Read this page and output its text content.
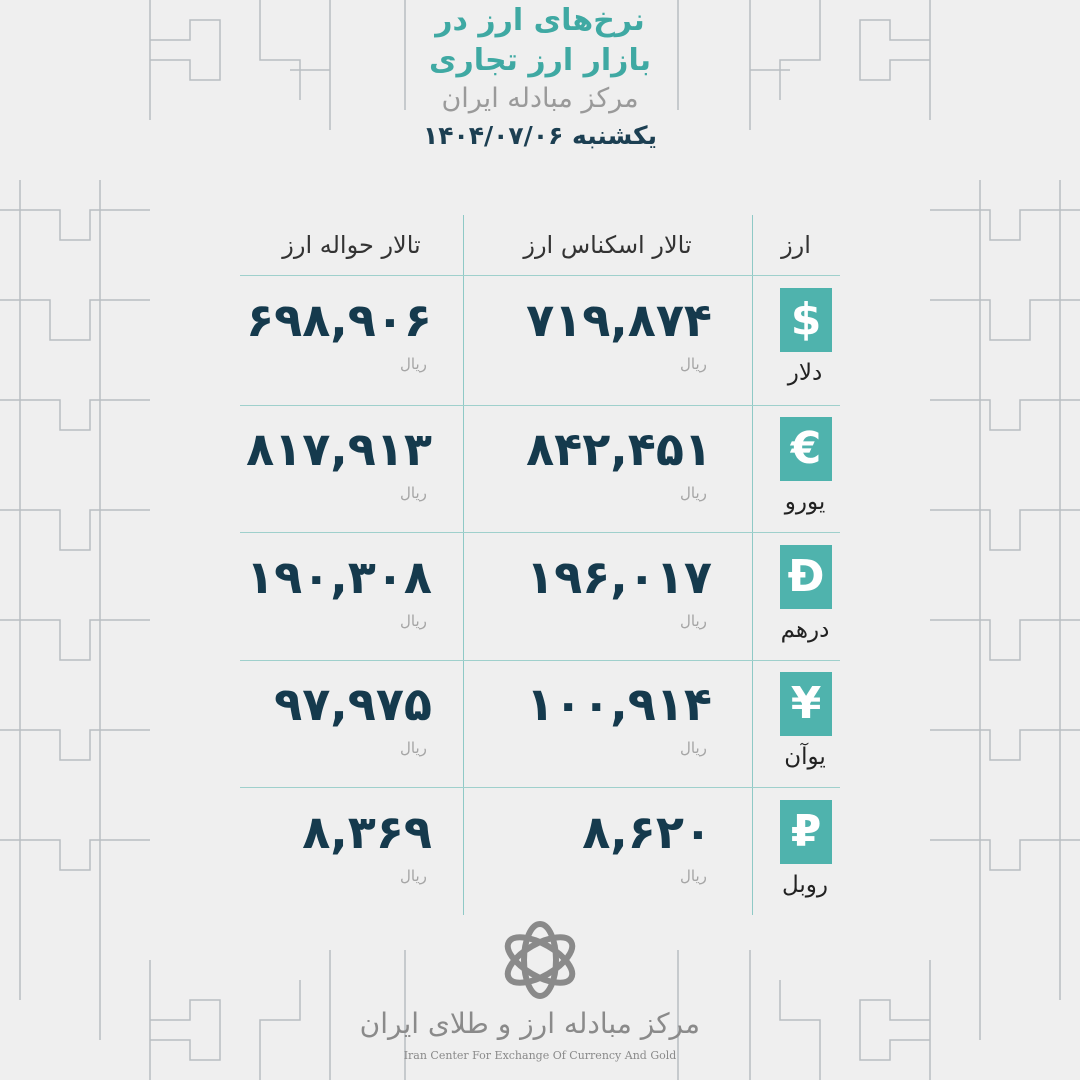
نرخ‌های ارز در
بازار ارز تجاری
مرکز مبادله ایران
یکشنبه ۱۴۰۴/۰۷/۰۶
ارز
تالار اسکناس ارز
تالار حواله ارز
$
دلار
۷۱۹,۸۷۴
ریال
۶۹۸,۹۰۶
ریال
€
یورو
۸۴۲,۴۵۱
ریال
۸۱۷,۹۱۳
ریال
Đ
درهم
۱۹۶,۰۱۷
ریال
۱۹۰,۳۰۸
ریال
¥
یوآن
۱۰۰,۹۱۴
ریال
۹۷,۹۷۵
ریال
₽
روبل
۸,۶۲۰
ریال
۸,۳۶۹
ریال
مرکز مبادله ارز و طلای ایران
Iran Center For Exchange Of Currency And Gold
